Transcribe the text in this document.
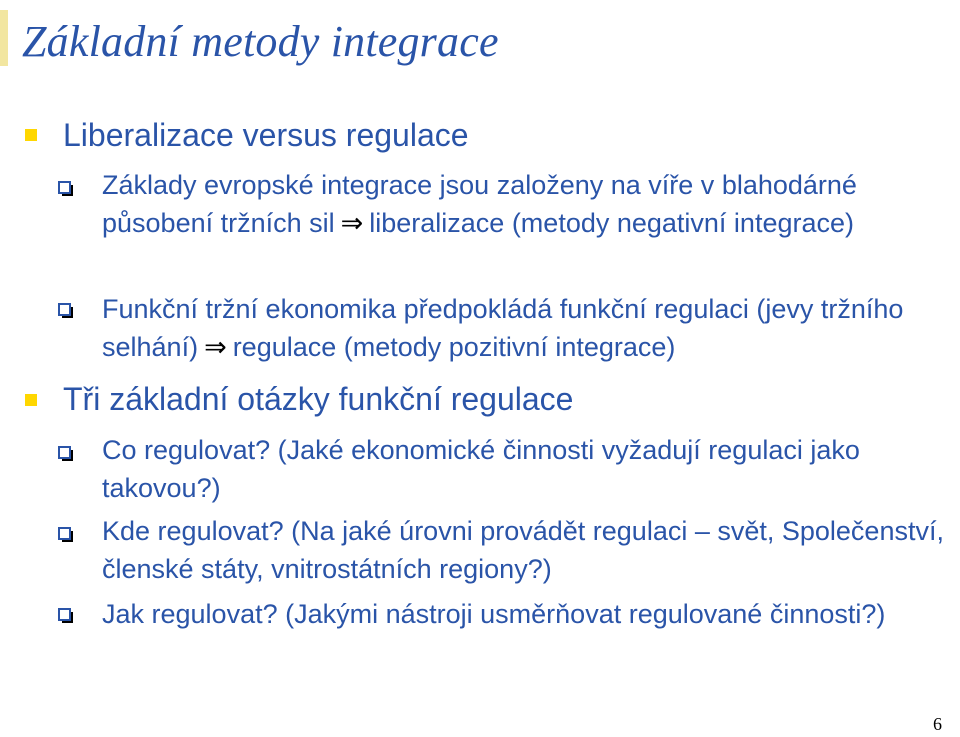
Základní metody integrace
Liberalizace versus regulace
Základy evropské integrace jsou založeny na víře v blahodárné působení tržních sil ⇒ liberalizace (metody negativní integrace)
Funkční tržní ekonomika předpokládá funkční regulaci (jevy tržního selhání) ⇒ regulace (metody pozitivní integrace)
Tři základní otázky funkční regulace
Co regulovat? (Jaké ekonomické činnosti vyžadují regulaci jako takovou?)
Kde regulovat? (Na jaké úrovni provádět regulaci – svět, Společenství, členské státy, vnitrostátních regiony?)
Jak regulovat? (Jakými nástroji usměrňovat regulované činnosti?)
6
